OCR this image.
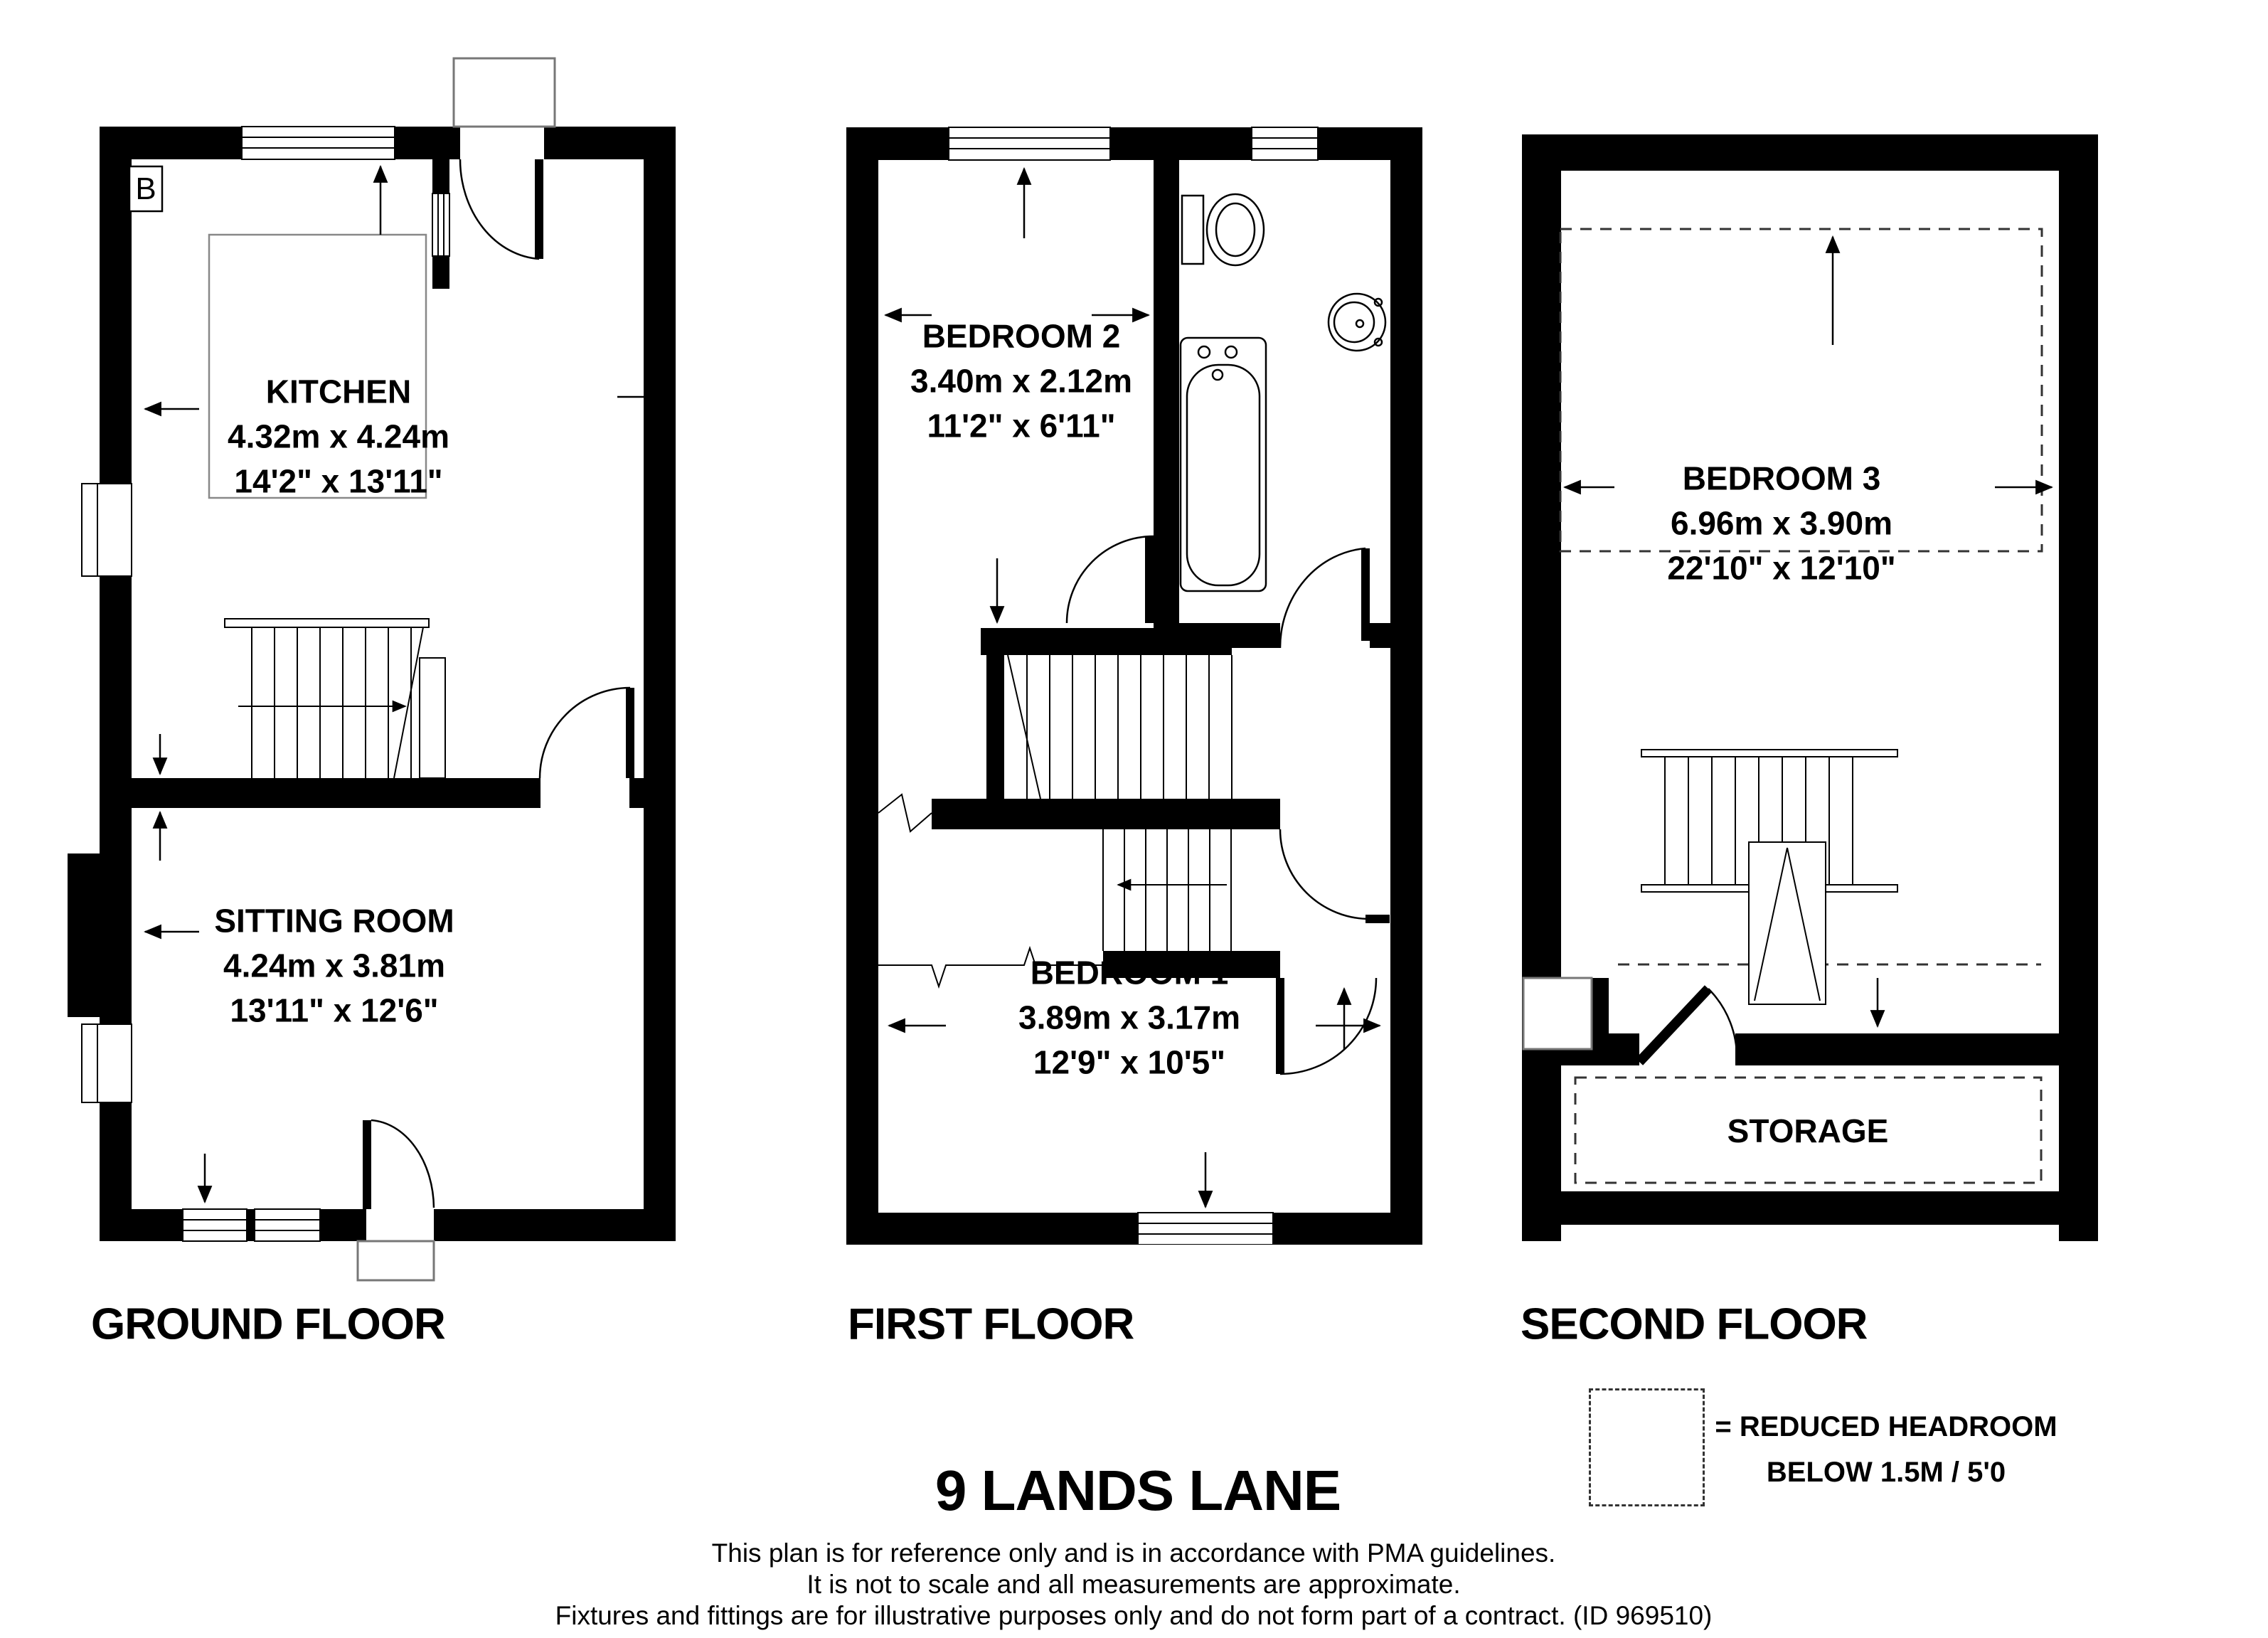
B
KITCHEN
4.32m x 4.24m
14'2" x 13'11"
SITTING ROOM
4.24m x 3.81m
13'11" x 12'6"
BEDROOM 2
3.40m x 2.12m
11'2" x 6'11"
BEDROOM 1
3.89m x 3.17m
12'9" x 10'5"
BEDROOM 3
6.96m x 3.90m
22'10" x 12'10"
STORAGE
GROUND FLOOR	FIRST FLOOR	SECOND FLOOR
= REDUCED HEADROOM
BELOW 1.5M / 5'0
9 LANDS LANE
This plan is for reference only and is in accordance with PMA guidelines.
It is not to scale and all measurements are approximate.
Fixtures and fittings are for illustrative purposes only and do not form part of a contract. (ID 969510)
